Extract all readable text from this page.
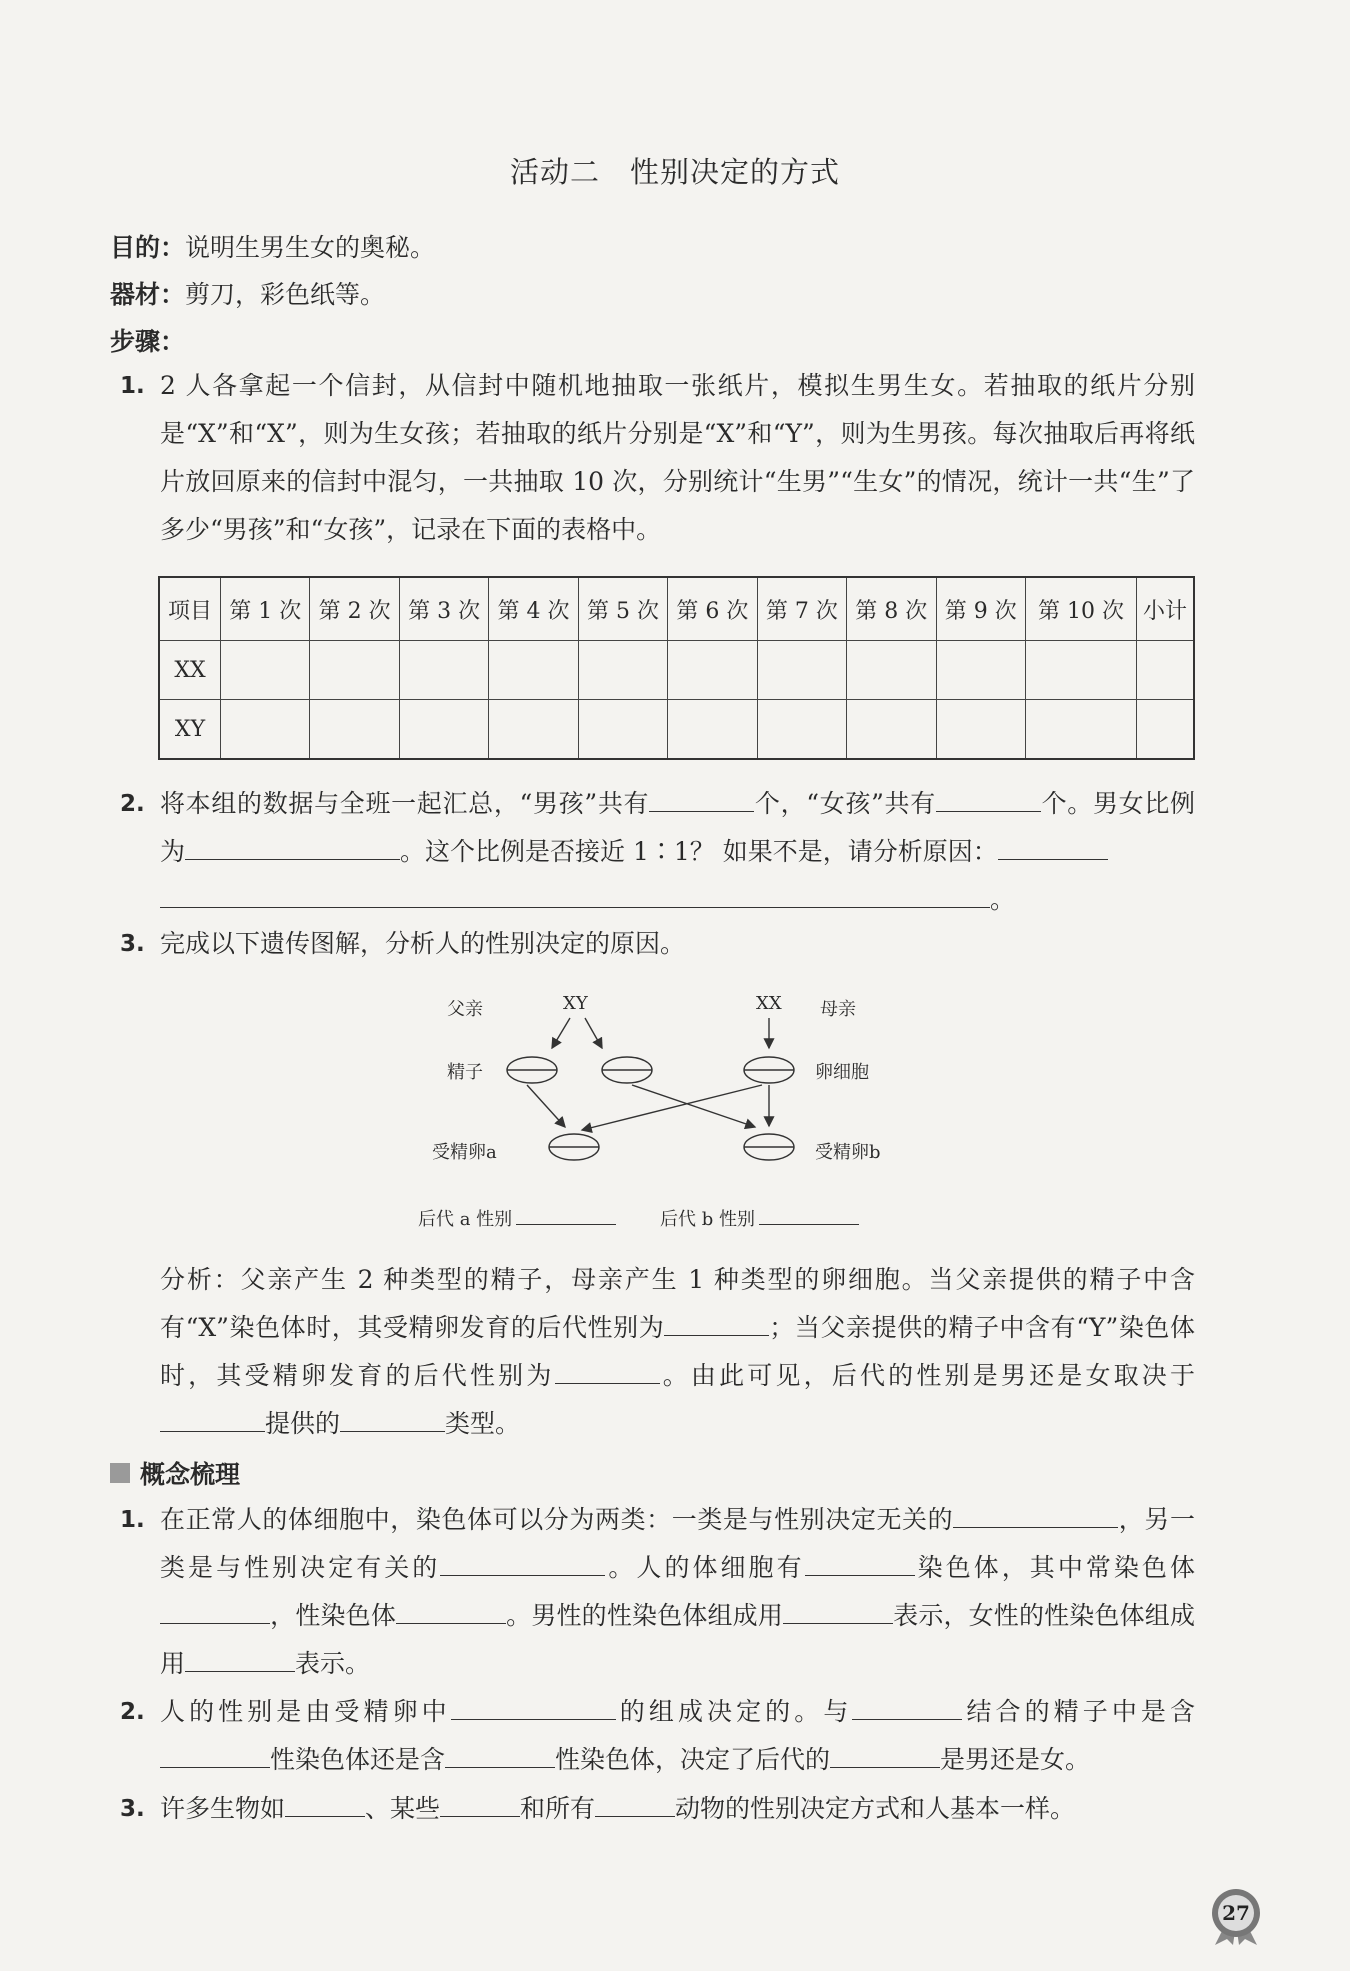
活动二　性别决定的方式
目的：说明生男生女的奥秘。
器材：剪刀，彩色纸等。
步骤：
1. 2 人各拿起一个信封，从信封中随机地抽取一张纸片，模拟生男生女。若抽取的纸片分别是“X”和“X”，则为生女孩；若抽取的纸片分别是“X”和“Y”，则为生男孩。每次抽取后再将纸片放回原来的信封中混匀，一共抽取 10 次，分别统计“生男”“生女”的情况，统计一共“生”了多少“男孩”和“女孩”，记录在下面的表格中。
项目	第 1 次	第 2 次	第 3 次	第 4 次	第 5 次	第 6 次	第 7 次	第 8 次	第 9 次	第 10 次	小计
XX											
XY											
2. 将本组的数据与全班一起汇总，“男孩”共有	个，“女孩”共有	个。男女比例为	。这个比例是否接近 1∶1？ 如果不是，请分析原因：
。
3. 完成以下遗传图解，分析人的性别决定的原因。
父亲	XY	XX 母亲
精子	卵细胞
受精卵a	受精卵b
后代 a 性别	后代 b 性别
分析：父亲产生 2 种类型的精子，母亲产生 1 种类型的卵细胞。当父亲提供的精子中含有“X”染色体时，其受精卵发育的后代性别为	；当父亲提供的精子中含有“Y”染色体时，其受精卵发育的后代性别为	。由此可见，后代的性别是男还是女取决于提供的	类型。
概念梳理
1. 在正常人的体细胞中，染色体可以分为两类：一类是与性别决定无关的	，另一类是与性别决定有关的	。人的体细胞有	染色体，其中常染色体，性染色体	。男性的性染色体组成用	表示，女性的性染色体组成用	表示。
2. 人的性别是由受精卵中	的组成决定的。与	结合的精子中是含性染色体还是含	性染色体，决定了后代的	是男还是女。
3. 许多生物如	、某些	和所有	动物的性别决定方式和人基本一样。
27
